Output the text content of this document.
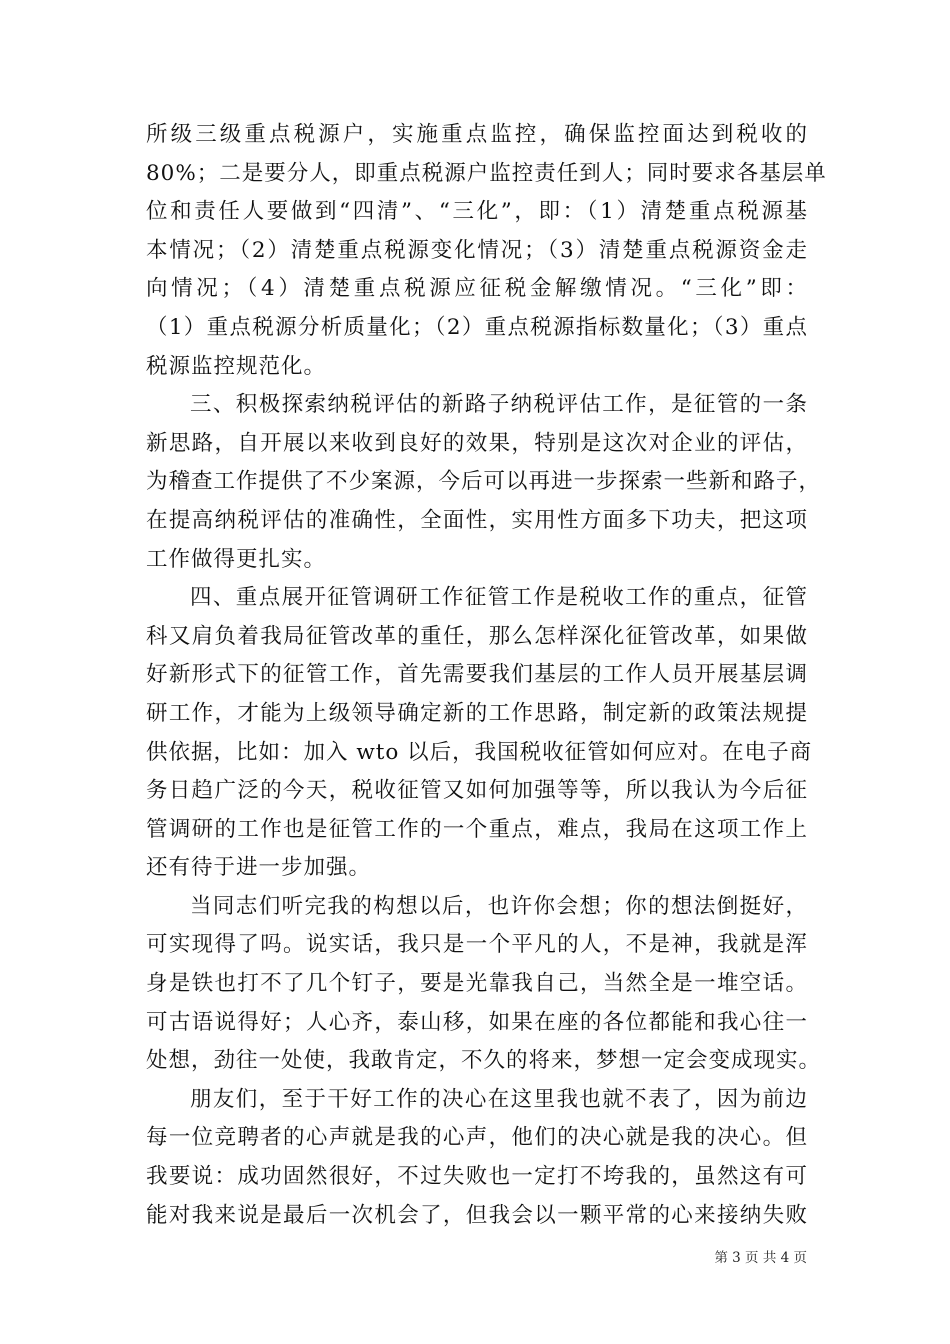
所级三级重点税源户，实施重点监控，确保监控面达到税收的
80%；二是要分人，即重点税源户监控责任到人；同时要求各基层单
位和责任人要做到“四清”、“三化”，即：（1）清楚重点税源基
本情况；（2）清楚重点税源变化情况；（3）清楚重点税源资金走
向情况；（4）清楚重点税源应征税金解缴情况。“三化”即：
（1）重点税源分析质量化；（2）重点税源指标数量化；（3）重点
税源监控规范化。
三、积极探索纳税评估的新路子纳税评估工作，是征管的一条
新思路，自开展以来收到良好的效果，特别是这次对企业的评估，
为稽查工作提供了不少案源，今后可以再进一步探索一些新和路子，
在提高纳税评估的准确性，全面性，实用性方面多下功夫，把这项
工作做得更扎实。
四、重点展开征管调研工作征管工作是税收工作的重点，征管
科又肩负着我局征管改革的重任，那么怎样深化征管改革，如果做
好新形式下的征管工作，首先需要我们基层的工作人员开展基层调
研工作，才能为上级领导确定新的工作思路，制定新的政策法规提
供依据，比如：加入 wto 以后，我国税收征管如何应对。在电子商
务日趋广泛的今天，税收征管又如何加强等等，所以我认为今后征
管调研的工作也是征管工作的一个重点，难点，我局在这项工作上
还有待于进一步加强。
当同志们听完我的构想以后，也许你会想；你的想法倒挺好，
可实现得了吗。说实话，我只是一个平凡的人，不是神，我就是浑
身是铁也打不了几个钉子，要是光靠我自己，当然全是一堆空话。
可古语说得好；人心齐，泰山移，如果在座的各位都能和我心往一
处想，劲往一处使，我敢肯定，不久的将来，梦想一定会变成现实。
朋友们，至于干好工作的决心在这里我也就不表了，因为前边
每一位竞聘者的心声就是我的心声，他们的决心就是我的决心。但
我要说：成功固然很好，不过失败也一定打不垮我的，虽然这有可
能对我来说是最后一次机会了，但我会以一颗平常的心来接纳失败
第 3 页 共 4 页
